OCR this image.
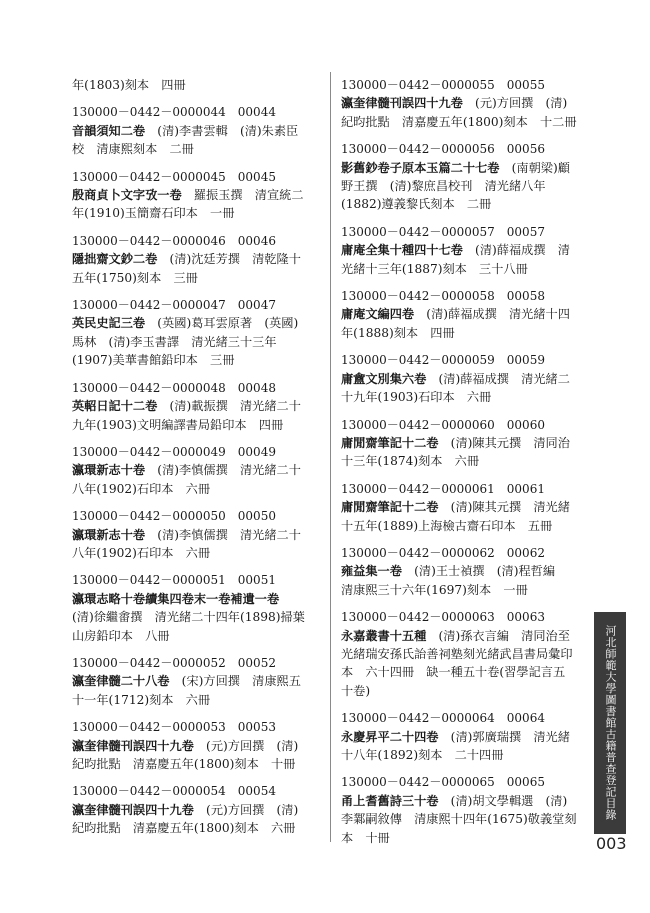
年(1803)刻本　四冊
130000－0442－0000044　00044
音韻須知二卷　(清)李書雲輯　(清)朱素臣
校　清康熙刻本　二冊
130000－0442－0000045　00045
殷商貞卜文字攷一卷　羅振玉撰　清宣統二
年(1910)玉簡齋石印本　一冊
130000－0442－0000046　00046
隱拙齋文鈔二卷　(清)沈廷芳撰　清乾隆十
五年(1750)刻本　三冊
130000－0442－0000047　00047
英民史記三卷　(英國)葛耳雲原著　(英國)
馬林　(清)李玉書譯　清光緒三十三年
(1907)美華書館鉛印本　三冊
130000－0442－0000048　00048
英軺日記十二卷　(清)載振撰　清光緒二十
九年(1903)文明編譯書局鉛印本　四冊
130000－0442－0000049　00049
瀛環新志十卷　(清)李慎儒撰　清光緒二十
八年(1902)石印本　六冊
130000－0442－0000050　00050
瀛環新志十卷　(清)李慎儒撰　清光緒二十
八年(1902)石印本　六冊
130000－0442－0000051　00051
瀛環志略十卷續集四卷末一卷補遺一卷
(清)徐繼畬撰　清光緒二十四年(1898)掃葉
山房鉛印本　八冊
130000－0442－0000052　00052
瀛奎律髓二十八卷　(宋)方回撰　清康熙五
十一年(1712)刻本　六冊
130000－0442－0000053　00053
瀛奎律髓刊誤四十九卷　(元)方回撰　(清)
紀昀批點　清嘉慶五年(1800)刻本　十冊
130000－0442－0000054　00054
瀛奎律髓刊誤四十九卷　(元)方回撰　(清)
紀昀批點　清嘉慶五年(1800)刻本　六冊
130000－0442－0000055　00055
瀛奎律髓刊誤四十九卷　(元)方回撰　(清)
紀昀批點　清嘉慶五年(1800)刻本　十二冊
130000－0442－0000056　00056
影舊鈔卷子原本玉篇二十七卷　(南朝梁)顧
野王撰　(清)黎庶昌校刊　清光緒八年
(1882)遵義黎氏刻本　二冊
130000－0442－0000057　00057
庸庵全集十種四十七卷　(清)薛福成撰　清
光緒十三年(1887)刻本　三十八冊
130000－0442－0000058　00058
庸庵文編四卷　(清)薛福成撰　清光緒十四
年(1888)刻本　四冊
130000－0442－0000059　00059
庸盦文別集六卷　(清)薛福成撰　清光緒二
十九年(1903)石印本　六冊
130000－0442－0000060　00060
庸閒齋筆記十二卷　(清)陳其元撰　清同治
十三年(1874)刻本　六冊
130000－0442－0000061　00061
庸閒齋筆記十二卷　(清)陳其元撰　清光緒
十五年(1889)上海檢古齋石印本　五冊
130000－0442－0000062　00062
雍益集一卷　(清)王士禎撰　(清)程哲編
清康熙三十六年(1697)刻本　一冊
130000－0442－0000063　00063
永嘉叢書十五種　(清)孫衣言編　清同治至
光緒瑞安孫氏詒善祠塾刻光緒武昌書局彙印
本　六十四冊　缺一種五十卷(習學記言五
十卷)
130000－0442－0000064　00064
永慶昇平二十四卷　(清)郭廣瑞撰　清光緒
十八年(1892)刻本　二十四冊
130000－0442－0000065　00065
甬上耆舊詩三十卷　(清)胡文學輯選　(清)
李鄴嗣敘傳　清康熙十四年(1675)敬義堂刻
本　十冊
河北師範大學圖書館古籍普查登記目錄
003
